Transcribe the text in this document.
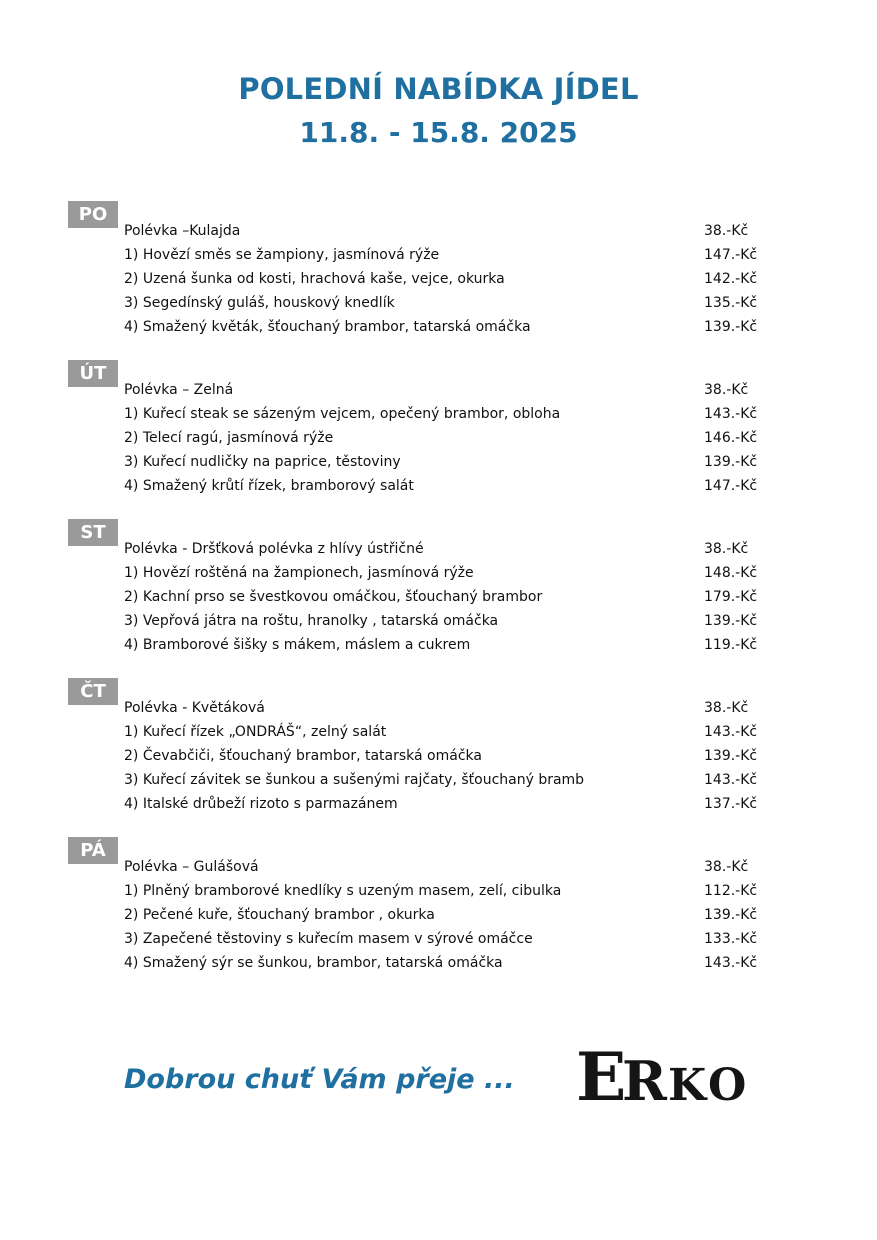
POLEDNÍ NABÍDKA JÍDEL
11.8. - 15.8. 2025
PO
Polévka –Kulajda	38.-Kč
1) Hovězí směs se žampiony, jasmínová rýže	147.-Kč
2) Uzená šunka od kosti, hrachová kaše, vejce, okurka	142.-Kč
3) Segedínský guláš, houskový knedlík	135.-Kč
4) Smažený květák, šťouchaný brambor, tatarská omáčka	139.-Kč
ÚT
Polévka – Zelná	38.-Kč
1) Kuřecí steak se sázeným vejcem, opečený brambor, obloha	143.-Kč
2) Telecí ragú, jasmínová rýže	146.-Kč
3) Kuřecí nudličky na paprice, těstoviny	139.-Kč
4) Smažený krůtí řízek, bramborový salát	147.-Kč
ST
Polévka - Dršťková polévka z hlívy ústřičné	38.-Kč
1) Hovězí roštěná na žampionech, jasmínová rýže	148.-Kč
2) Kachní prso se švestkovou omáčkou, šťouchaný brambor	179.-Kč
3) Vepřová játra na roštu, hranolky , tatarská omáčka	139.-Kč
4) Bramborové šišky s mákem, máslem a cukrem	119.-Kč
ČT
Polévka - Květáková	38.-Kč
1) Kuřecí řízek „ONDRÁŠ“, zelný salát	143.-Kč
2) Čevabčiči, šťouchaný brambor, tatarská omáčka	139.-Kč
3) Kuřecí závitek se šunkou a sušenými rajčaty, šťouchaný bramb	143.-Kč
4) Italské drůbeží rizoto s parmazánem	137.-Kč
PÁ
Polévka – Gulášová	38.-Kč
1) Plněný bramborové knedlíky s uzeným masem, zelí, cibulka	112.-Kč
2) Pečené kuře, šťouchaný brambor , okurka	139.-Kč
3) Zapečené těstoviny s kuřecím masem v sýrové omáčce	133.-Kč
4) Smažený sýr se šunkou, brambor, tatarská omáčka	143.-Kč
Dobrou chuť Vám přeje ... E
R K O
